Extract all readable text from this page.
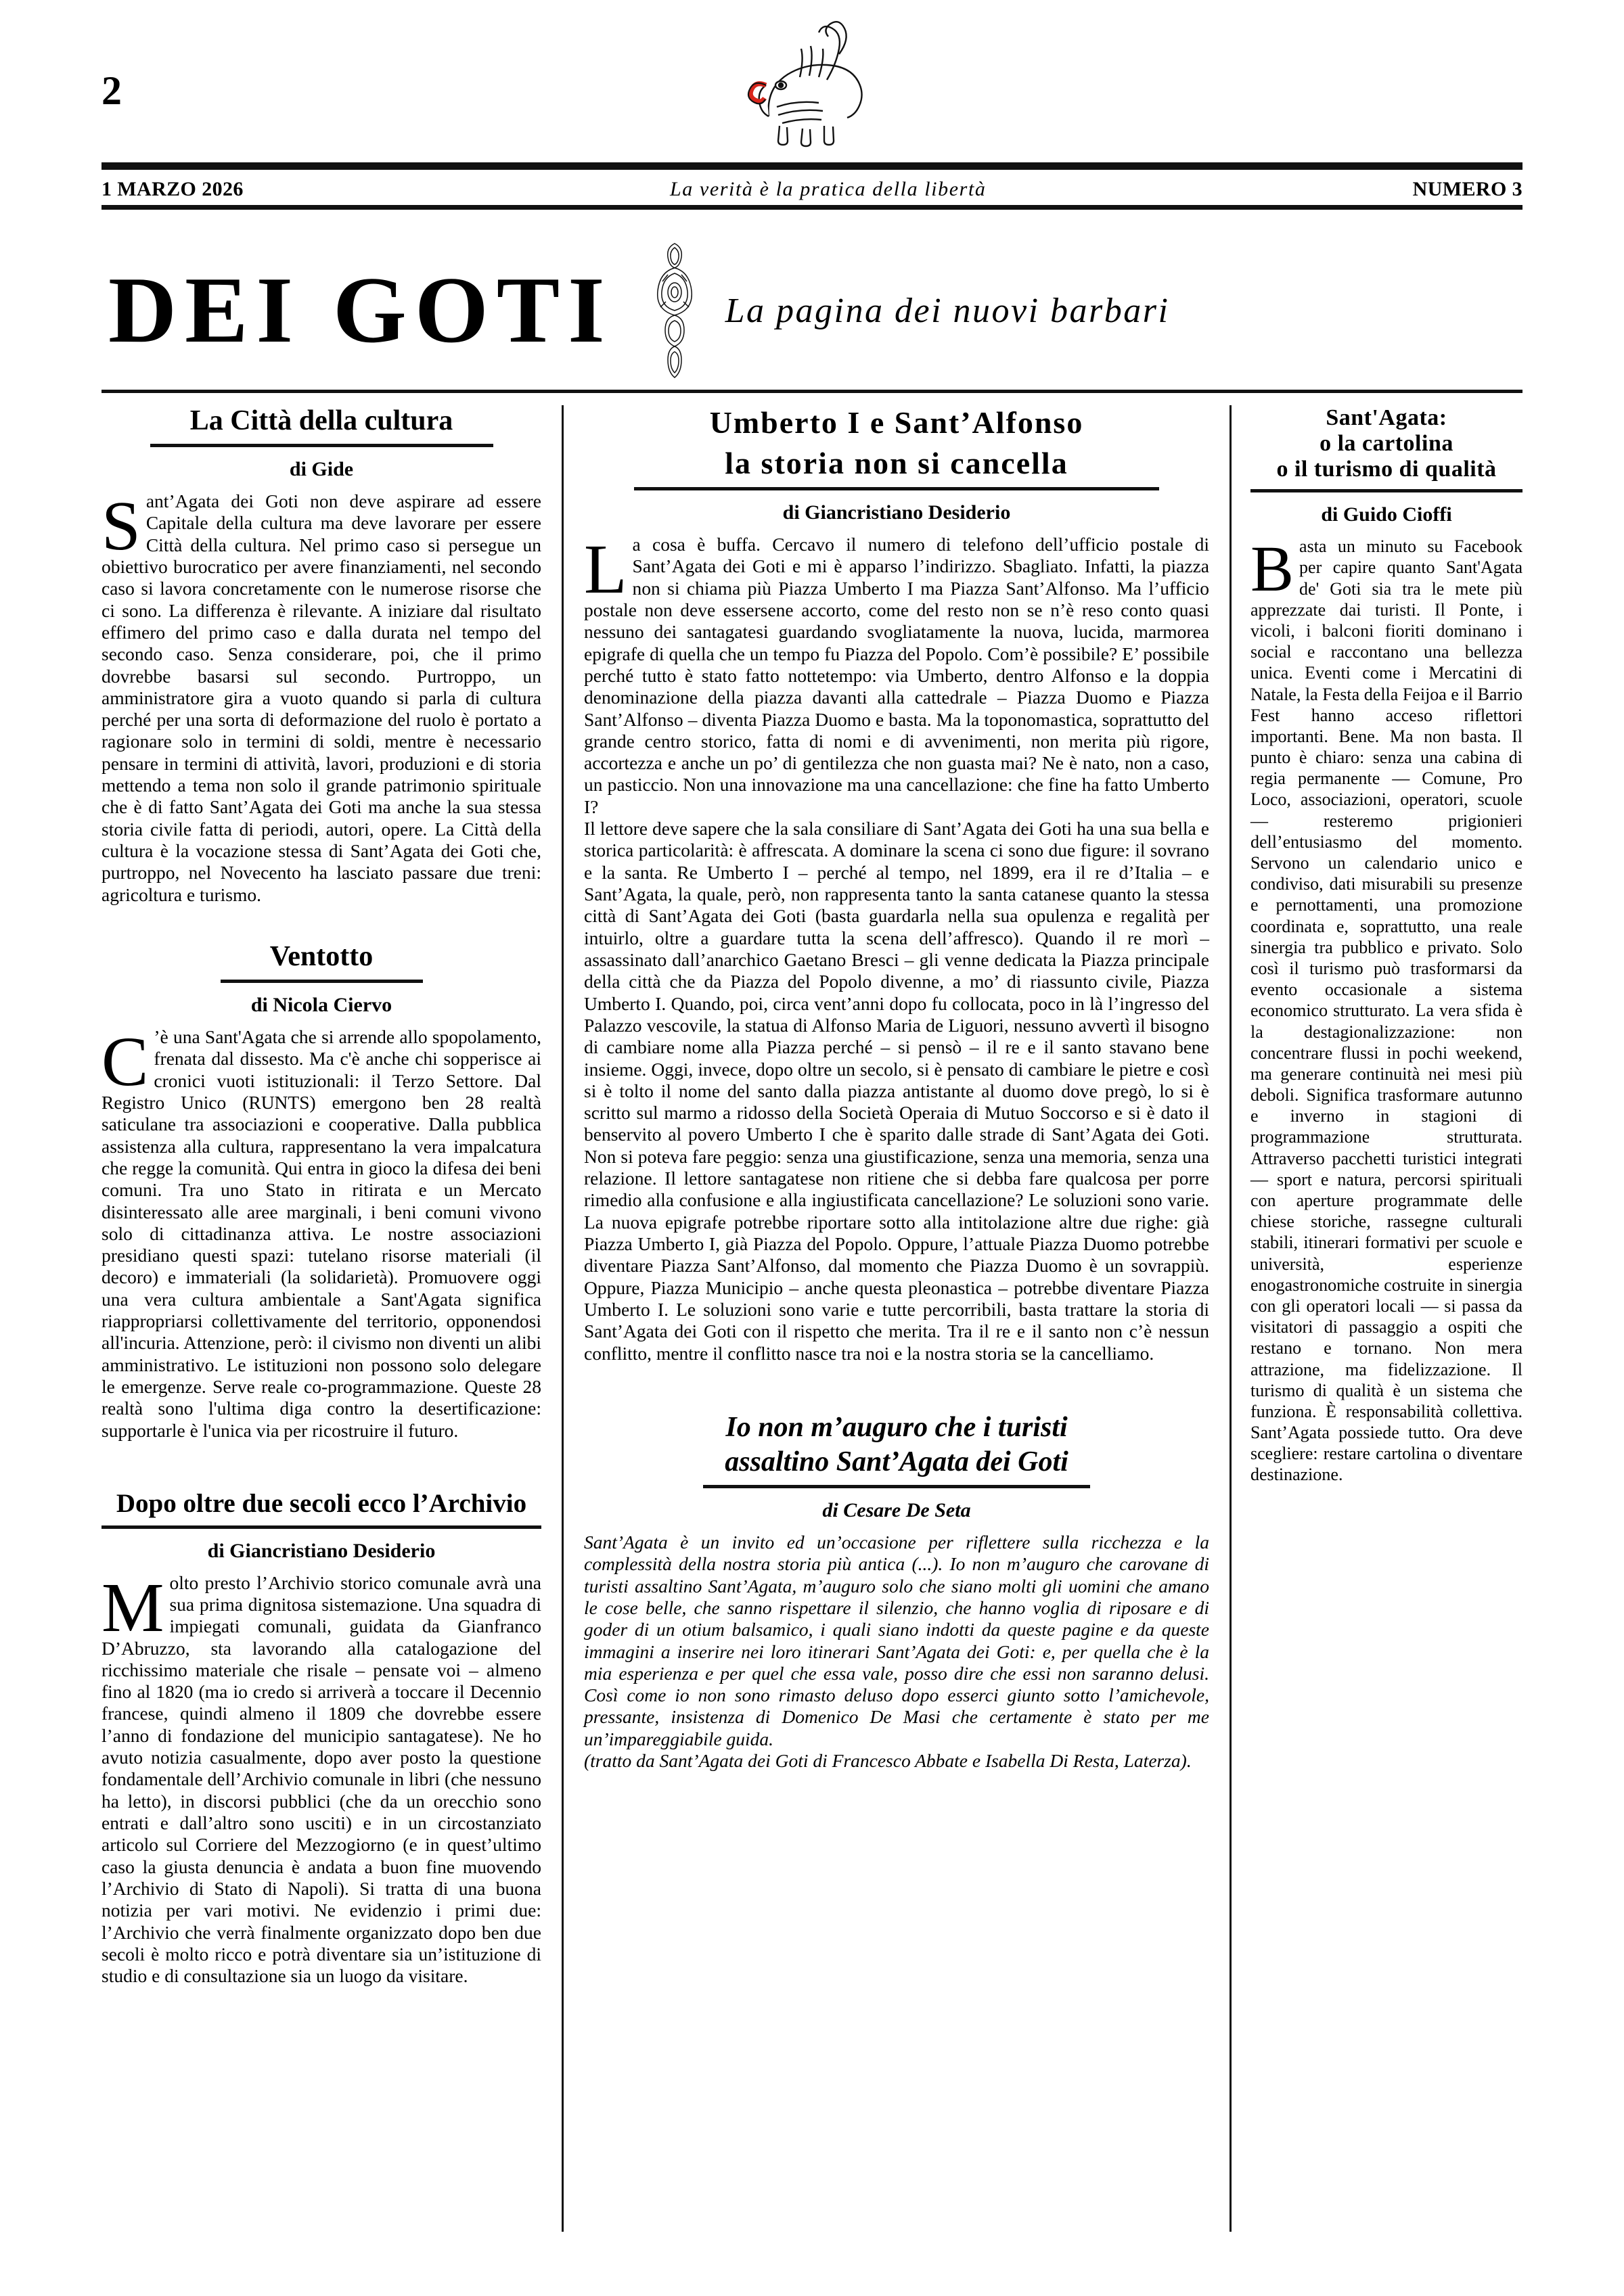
2
1 MARZO 2026	La verità è la pratica della libertà	NUMERO 3
DEI GOTI	La pagina dei nuovi barbari
La Città della cultura
di Gide

Sant’Agata dei Goti non deve aspirare ad essere Capitale della cultura ma deve lavorare per essere Città della cultura. Nel primo caso si persegue un obiettivo burocratico per avere finanziamenti, nel secondo caso si lavora concretamente con le numerose risorse che ci sono. La differenza è rilevante. A iniziare dal risultato effimero del primo caso e dalla durata nel tempo del secondo caso. Senza considerare, poi, che il primo dovrebbe basarsi sul secondo. Purtroppo, un amministratore gira a vuoto quando si parla di cultura perché per una sorta di deformazione del ruolo è portato a ragionare solo in termini di soldi, mentre è necessario pensare in termini di attività, lavori, produzioni e di storia mettendo a tema non solo il grande patrimonio spirituale che è di fatto Sant’Agata dei Goti ma anche la sua stessa storia civile fatta di periodi, autori, opere. La Città della cultura è la vocazione stessa di Sant’Agata dei Goti che, purtroppo, nel Novecento ha lasciato passare due treni: agricoltura e turismo.

Ventotto
di Nicola Ciervo

C ’è una Sant'Agata che si arrende allo spopolamento, frenata dal dissesto. Ma c'è anche chi sopperisce ai cronici vuoti istituzionali: il Terzo Settore. Dal Registro Unico (RUNTS) emergono ben 28 realtà saticulane tra associazioni e cooperative. Dalla pubblica assistenza alla cultura, rappresentano la vera impalcatura che regge la comunità. Qui entra in gioco la difesa dei beni comuni. Tra uno Stato in ritirata e un Mercato disinteressato alle aree marginali, i beni comuni vivono solo di cittadinanza attiva. Le nostre associazioni presidiano questi spazi: tutelano risorse materiali (il decoro) e immateriali (la solidarietà). Promuovere oggi una vera cultura ambientale a Sant'Agata significa riappropriarsi collettivamente del territorio, opponendosi all'incuria. Attenzione, però: il civismo non diventi un alibi amministrativo. Le istituzioni non possono solo delegare le emergenze. Serve reale co-programmazione. Queste 28 realtà sono l'ultima diga contro la desertificazione: supportarle è l'unica via per ricostruire il futuro.

Dopo oltre due secoli ecco l’Archivio
di Giancristiano Desiderio

Molto presto l’Archivio storico comunale avrà una sua prima dignitosa sistemazione. Una squadra di impiegati comunali, guidata da Gianfranco D’Abruzzo, sta lavorando alla catalogazione del ricchissimo materiale che risale – pensate voi – almeno fino al 1820 (ma io credo si arriverà a toccare il Decennio francese, quindi almeno il 1809 che dovrebbe essere l’anno di fondazione del municipio santagatese). Ne ho avuto notizia casualmente, dopo aver posto la questione fondamentale dell’Archivio comunale in libri (che nessuno ha letto), in discorsi pubblici (che da un orecchio sono entrati e dall’altro sono usciti) e in un circostanziato articolo sul Corriere del Mezzogiorno (e in quest’ultimo caso la giusta denuncia è andata a buon fine muovendo l’Archivio di Stato di Napoli). Si tratta di una buona notizia per vari motivi. Ne evidenzio i primi due: l’Archivio che verrà finalmente organizzato dopo ben due secoli è molto ricco e potrà diventare sia un’istituzione di studio e di consultazione sia un luogo da visitare.

Umberto I e Sant’Alfonso
la storia non si cancella
di Giancristiano Desiderio

La cosa è buffa. Cercavo il numero di telefono dell’ufficio postale di Sant’Agata dei Goti e mi è apparso l’indirizzo. Sbagliato. Infatti, la piazza non si chiama più Piazza Umberto I ma Piazza Sant’Alfonso. Ma l’ufficio postale non deve essersene accorto, come del resto non se n’è reso conto quasi nessuno dei santagatesi guardando svogliatamente la nuova, lucida, marmorea epigrafe di quella che un tempo fu Piazza del Popolo. Com’è possibile? E’ possibile perché tutto è stato fatto nottetempo: via Umberto, dentro Alfonso e la doppia denominazione della piazza davanti alla cattedrale – Piazza Duomo e Piazza Sant’Alfonso – diventa Piazza Duomo e basta. Ma la toponomastica, soprattutto del grande centro storico, fatta di nomi e di avvenimenti, non merita più rigore, accortezza e anche un po’ di gentilezza che non guasta mai? Ne è nato, non a caso, un pasticcio. Non una innovazione ma una cancellazione: che fine ha fatto Umberto I?

Il lettore deve sapere che la sala consiliare di Sant’Agata dei Goti ha una sua bella e storica particolarità: è affrescata. A dominare la scena ci sono due figure: il sovrano e la santa. Re Umberto I – perché al tempo, nel 1899, era il re d’Italia – e Sant’Agata, la quale, però, non rappresenta tanto la santa catanese quanto la stessa città di Sant’Agata dei Goti (basta guardarla nella sua opulenza e regalità per intuirlo, oltre a guardare tutta la scena dell’affresco). Quando il re morì – assassinato dall’anarchico Gaetano Bresci – gli venne dedicata la Piazza principale della città che da Piazza del Popolo divenne, a mo’ di riassunto civile, Piazza Umberto I. Quando, poi, circa vent’anni dopo fu collocata, poco in là l’ingresso del Palazzo vescovile, la statua di Alfonso Maria de Liguori, nessuno avvertì il bisogno di cambiare nome alla Piazza perché – si pensò – il re e il santo stavano bene insieme. Oggi, invece, dopo oltre un secolo, si è pensato di cambiare le pietre e così si è tolto il nome del santo dalla piazza antistante al duomo dove pregò, lo si è scritto sul marmo a ridosso della Società Operaia di Mutuo Soccorso e si è dato il benservito al povero Umberto I che è sparito dalle strade di Sant’Agata dei Goti. Non si poteva fare peggio: senza una giustificazione, senza una memoria, senza una relazione. Il lettore santagatese non ritiene che si debba fare qualcosa per porre rimedio alla confusione e alla ingiustificata cancellazione? Le soluzioni sono varie. La nuova epigrafe potrebbe riportare sotto alla intitolazione altre due righe: già Piazza Umberto I, già Piazza del Popolo. Oppure, l’attuale Piazza Duomo potrebbe diventare Piazza Sant’Alfonso, dal momento che Piazza Duomo è un sovrappiù. Oppure, Piazza Municipio – anche questa pleonastica – potrebbe diventare Piazza Umberto I. Le soluzioni sono varie e tutte percorribili, basta trattare la storia di Sant’Agata dei Goti con il rispetto che merita. Tra il re e il santo non c’è nessun conflitto, mentre il conflitto nasce tra noi e la nostra storia se la cancelliamo.

Io non m’auguro che i turisti
assaltino Sant’Agata dei Goti
di Cesare De Seta

Sant’Agata è un invito ed un’occasione per riflettere sulla ricchezza e la complessità della nostra storia più antica (...). Io non m’auguro che carovane di turisti assaltino Sant’Agata, m’auguro solo che siano molti gli uomini che amano le cose belle, che sanno rispettare il silenzio, che hanno voglia di riposare e di goder di un otium balsamico, i quali siano indotti da queste pagine e da queste immagini a inserire nei loro itinerari Sant’Agata dei Goti: e, per quella che è la mia esperienza e per quel che essa vale, posso dire che essi non saranno delusi. Così come io non sono rimasto deluso dopo esserci giunto sotto l’amichevole, pressante, insistenza di Domenico De Masi che certamente è stato per me un’impareggiabile guida.

(tratto da Sant’Agata dei Goti di Francesco Abbate e Isabella Di Resta, Laterza).

Sant'Agata:
o la cartolina
o il turismo di qualità
di Guido Cioffi

Basta un minuto su Facebook per capire quanto Sant'Agata de' Goti sia tra le mete più apprezzate dai turisti. Il Ponte, i vicoli, i balconi fioriti dominano i social e raccontano una bellezza unica. Eventi come i Mercatini di Natale, la Festa della Feijoa e il Barrio Fest hanno acceso riflettori importanti. Bene. Ma non basta. Il punto è chiaro: senza una cabina di regia permanente — Comune, Pro Loco, associazioni, operatori, scuole — resteremo prigionieri dell’entusiasmo del momento. Servono un calendario unico e condiviso, dati misurabili su presenze e pernottamenti, una promozione coordinata e, soprattutto, una reale sinergia tra pubblico e privato. Solo così il turismo può trasformarsi da evento occasionale a sistema economico strutturato. La vera sfida è la destagionalizzazione: non concentrare flussi in pochi weekend, ma generare continuità nei mesi più deboli. Significa trasformare autunno e inverno in stagioni di programmazione strutturata. Attraverso pacchetti turistici integrati — sport e natura, percorsi spirituali con aperture programmate delle chiese storiche, rassegne culturali stabili, itinerari formativi per scuole e università, esperienze enogastronomiche costruite in sinergia con gli operatori locali — si passa da visitatori di passaggio a ospiti che restano e tornano. Non mera attrazione, ma fidelizzazione. Il turismo di qualità è un sistema che funziona. È responsabilità collettiva. Sant’Agata possiede tutto. Ora deve scegliere: restare cartolina o diventare destinazione.
